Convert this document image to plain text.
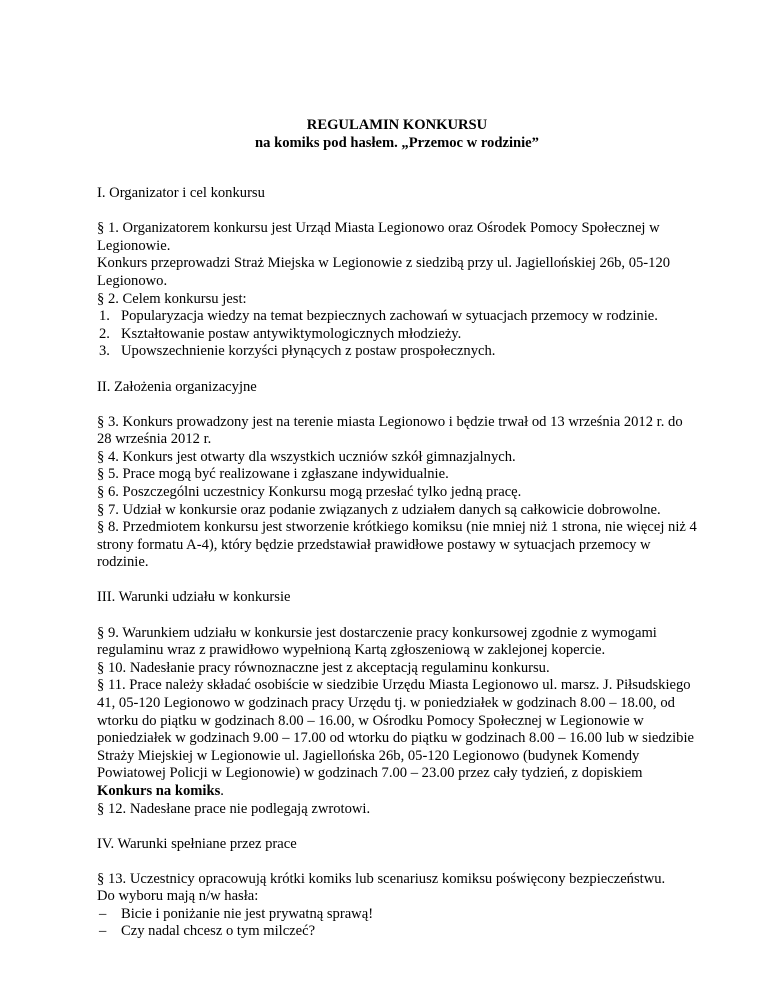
REGULAMIN KONKURSU
na komiks pod hasłem. „Przemoc w rodzinie”

I. Organizator i cel konkursu

§ 1. Organizatorem konkursu jest Urząd Miasta Legionowo oraz Ośrodek Pomocy Społecznej w Legionowie.

Konkurs przeprowadzi Straż Miejska w Legionowie z siedzibą przy ul. Jagiellońskiej 26b, 05-120 Legionowo.

§ 2. Celem konkursu jest:

1. Popularyzacja wiedzy na temat bezpiecznych zachowań w sytuacjach przemocy w rodzinie.
2. Kształtowanie postaw antywiktymologicznych młodzieży.
3. Upowszechnienie korzyści płynących z postaw prospołecznych.

II. Założenia organizacyjne

§ 3. Konkurs prowadzony jest na terenie miasta Legionowo i będzie trwał od 13 września 2012 r. do 28 września 2012 r.

§ 4. Konkurs jest otwarty dla wszystkich uczniów szkół gimnazjalnych.

§ 5. Prace mogą być realizowane i zgłaszane indywidualnie.

§ 6. Poszczególni uczestnicy Konkursu mogą przesłać tylko jedną pracę.

§ 7. Udział w konkursie oraz podanie związanych z udziałem danych są całkowicie dobrowolne.

§ 8. Przedmiotem konkursu jest stworzenie krótkiego komiksu (nie mniej niż 1 strona, nie więcej niż 4 strony formatu A-4), który będzie przedstawiał prawidłowe postawy w sytuacjach przemocy w rodzinie.

III. Warunki udziału w konkursie

§ 9. Warunkiem udziału w konkursie jest dostarczenie pracy konkursowej zgodnie z wymogami regulaminu wraz z prawidłowo wypełnioną Kartą zgłoszeniową w zaklejonej kopercie.

§ 10. Nadesłanie pracy równoznaczne jest z akceptacją regulaminu konkursu.

§ 11. Prace należy składać osobiście w siedzibie Urzędu Miasta Legionowo ul. marsz. J. Piłsudskiego 41, 05-120 Legionowo w godzinach pracy Urzędu tj. w poniedziałek w godzinach 8.00 – 18.00, od wtorku do piątku w godzinach 8.00 – 16.00, w Ośrodku Pomocy Społecznej w Legionowie w poniedziałek w godzinach 9.00 – 17.00 od wtorku do piątku w godzinach 8.00 – 16.00 lub w siedzibie Straży Miejskiej w Legionowie ul. Jagiellońska 26b, 05-120 Legionowo (budynek Komendy Powiatowej Policji w Legionowie) w godzinach 7.00 – 23.00 przez cały tydzień, z dopiskiem Konkurs na komiks.

§ 12. Nadesłane prace nie podlegają zwrotowi.

IV. Warunki spełniane przez prace

§ 13. Uczestnicy opracowują krótki komiks lub scenariusz komiksu poświęcony bezpieczeństwu.

Do wyboru mają n/w hasła:

– Bicie i poniżanie nie jest prywatną sprawą!
– Czy nadal chcesz o tym milczeć?
